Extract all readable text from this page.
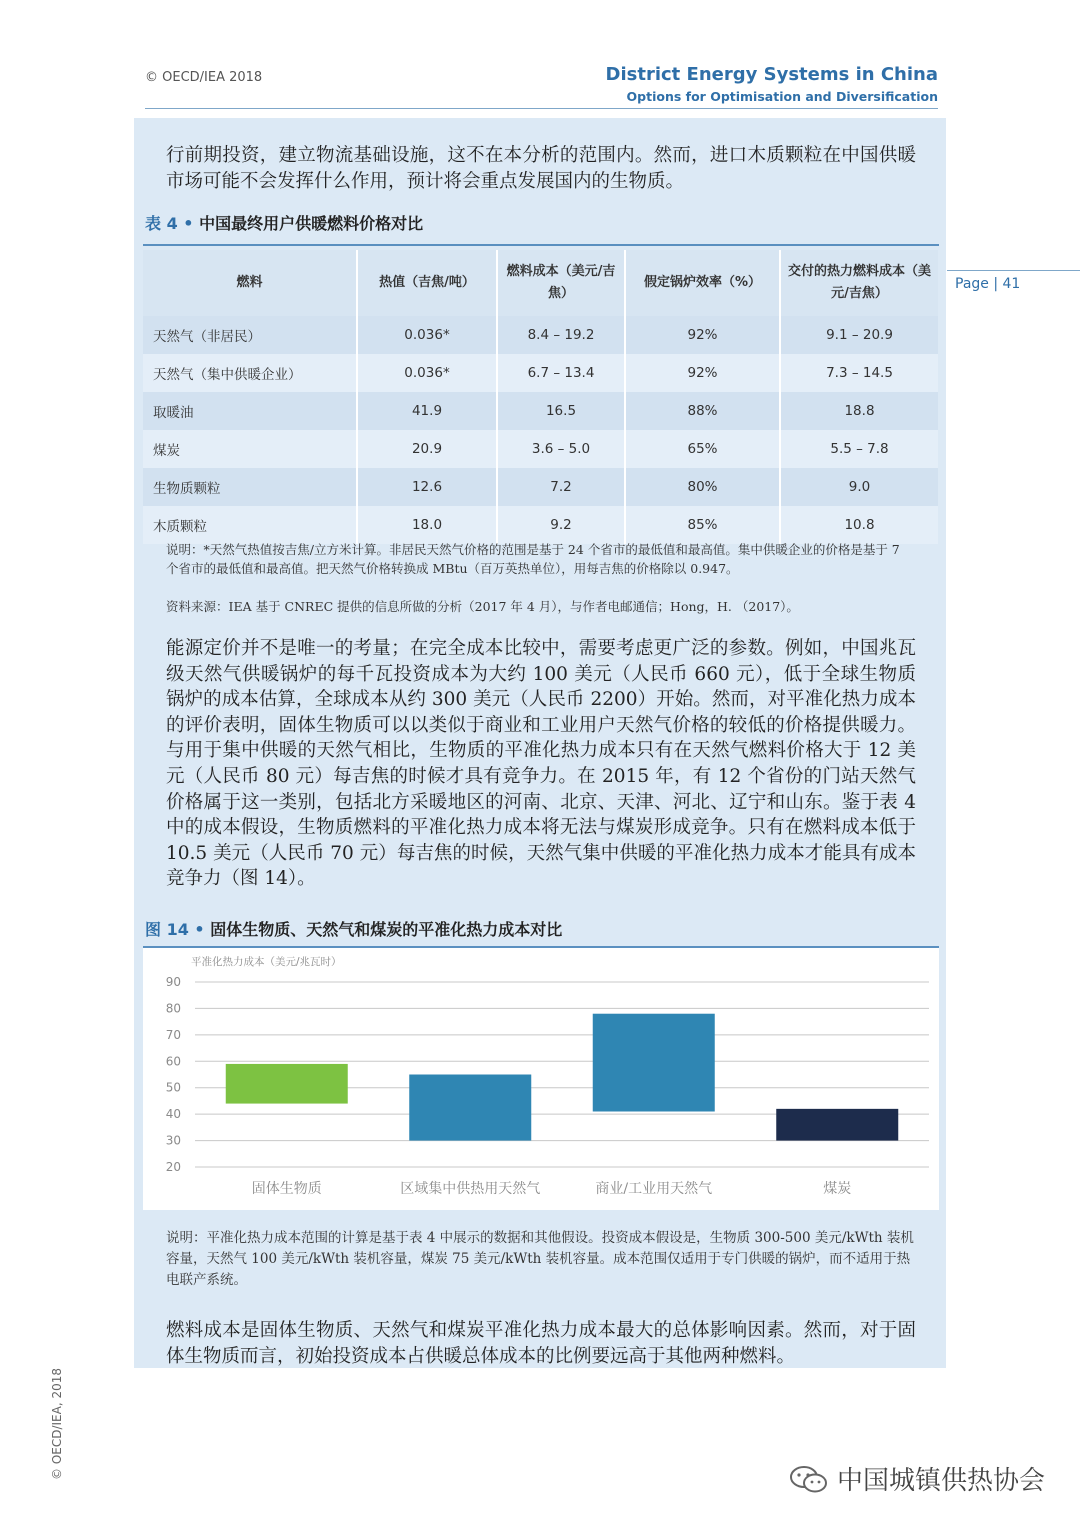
© OECD/IEA 2018	District Energy Systems in China
Options for Optimisation and Diversification
行前期投资，建立物流基础设施，这不在本分析的范围内。然而，进口木质颗粒在中国供暖市场可能不会发挥什么作用，预计将会重点发展国内的生物质。
表 4 • 中国最终用户供暖燃料价格对比
燃料	热值（吉焦/吨）	燃料成本（美元/吉焦）	假定锅炉效率（%）	交付的热力燃料成本（美元/吉焦）
天然气（非居民）	0.036*	8.4 – 19.2	92%	9.1 – 20.9
天然气（集中供暖企业）	0.036*	6.7 – 13.4	92%	7.3 – 14.5
取暖油	41.9	16.5	88%	18.8
煤炭	20.9	3.6 – 5.0	65%	5.5 – 7.8
生物质颗粒	12.6	7.2	80%	9.0
木质颗粒	18.0	9.2	85%	10.8
说明：*天然气热值按吉焦/立方米计算。非居民天然气价格的范围是基于 24 个省市的最低值和最高值。集中供暖企业的价格是基于 7 个省市的最低值和最高值。把天然气价格转换成 MBtu（百万英热单位），用每吉焦的价格除以 0.947。
资料来源：IEA 基于 CNREC 提供的信息所做的分析（2017 年 4 月），与作者电邮通信；Hong，H. （2017）。
Page | 41
能源定价并不是唯一的考量；在完全成本比较中，需要考虑更广泛的参数。例如，中国兆瓦级天然气供暖锅炉的每千瓦投资成本为大约 100 美元（人民币 660 元），低于全球生物质锅炉的成本估算，全球成本从约 300 美元（人民币 2200）开始。然而，对平准化热力成本的评价表明，固体生物质可以以类似于商业和工业用户天然气价格的较低的价格提供暖力。与用于集中供暖的天然气相比，生物质的平准化热力成本只有在天然气燃料价格大于 12 美元（人民币 80 元）每吉焦的时候才具有竞争力。在 2015 年，有 12 个省份的门站天然气价格属于这一类别，包括北方采暖地区的河南、北京、天津、河北、辽宁和山东。鉴于表 4 中的成本假设，生物质燃料的平准化热力成本将无法与煤炭形成竞争。只有在燃料成本低于 10.5 美元（人民币 70 元）每吉焦的时候，天然气集中供暖的平准化热力成本才能具有成本竞争力（图 14）。
图 14 • 固体生物质、天然气和煤炭的平准化热力成本对比
平准化热力成本（美元/兆瓦时）
20
30
40
50
60
70
80
90
固体生物质	区域集中供热用天然气	商业/工业用天然气	煤炭
说明：平准化热力成本范围的计算是基于表 4 中展示的数据和其他假设。投资成本假设是，生物质 300-500 美元/kWth 装机容量，天然气 100 美元/kWth 装机容量，煤炭 75 美元/kWth 装机容量。成本范围仅适用于专门供暖的锅炉，而不适用于热电联产系统。
燃料成本是固体生物质、天然气和煤炭平准化热力成本最大的总体影响因素。然而，对于固体生物质而言，初始投资成本占供暖总体成本的比例要远高于其他两种燃料。
© OECD/IEA, 2018
中国城镇供热协会
